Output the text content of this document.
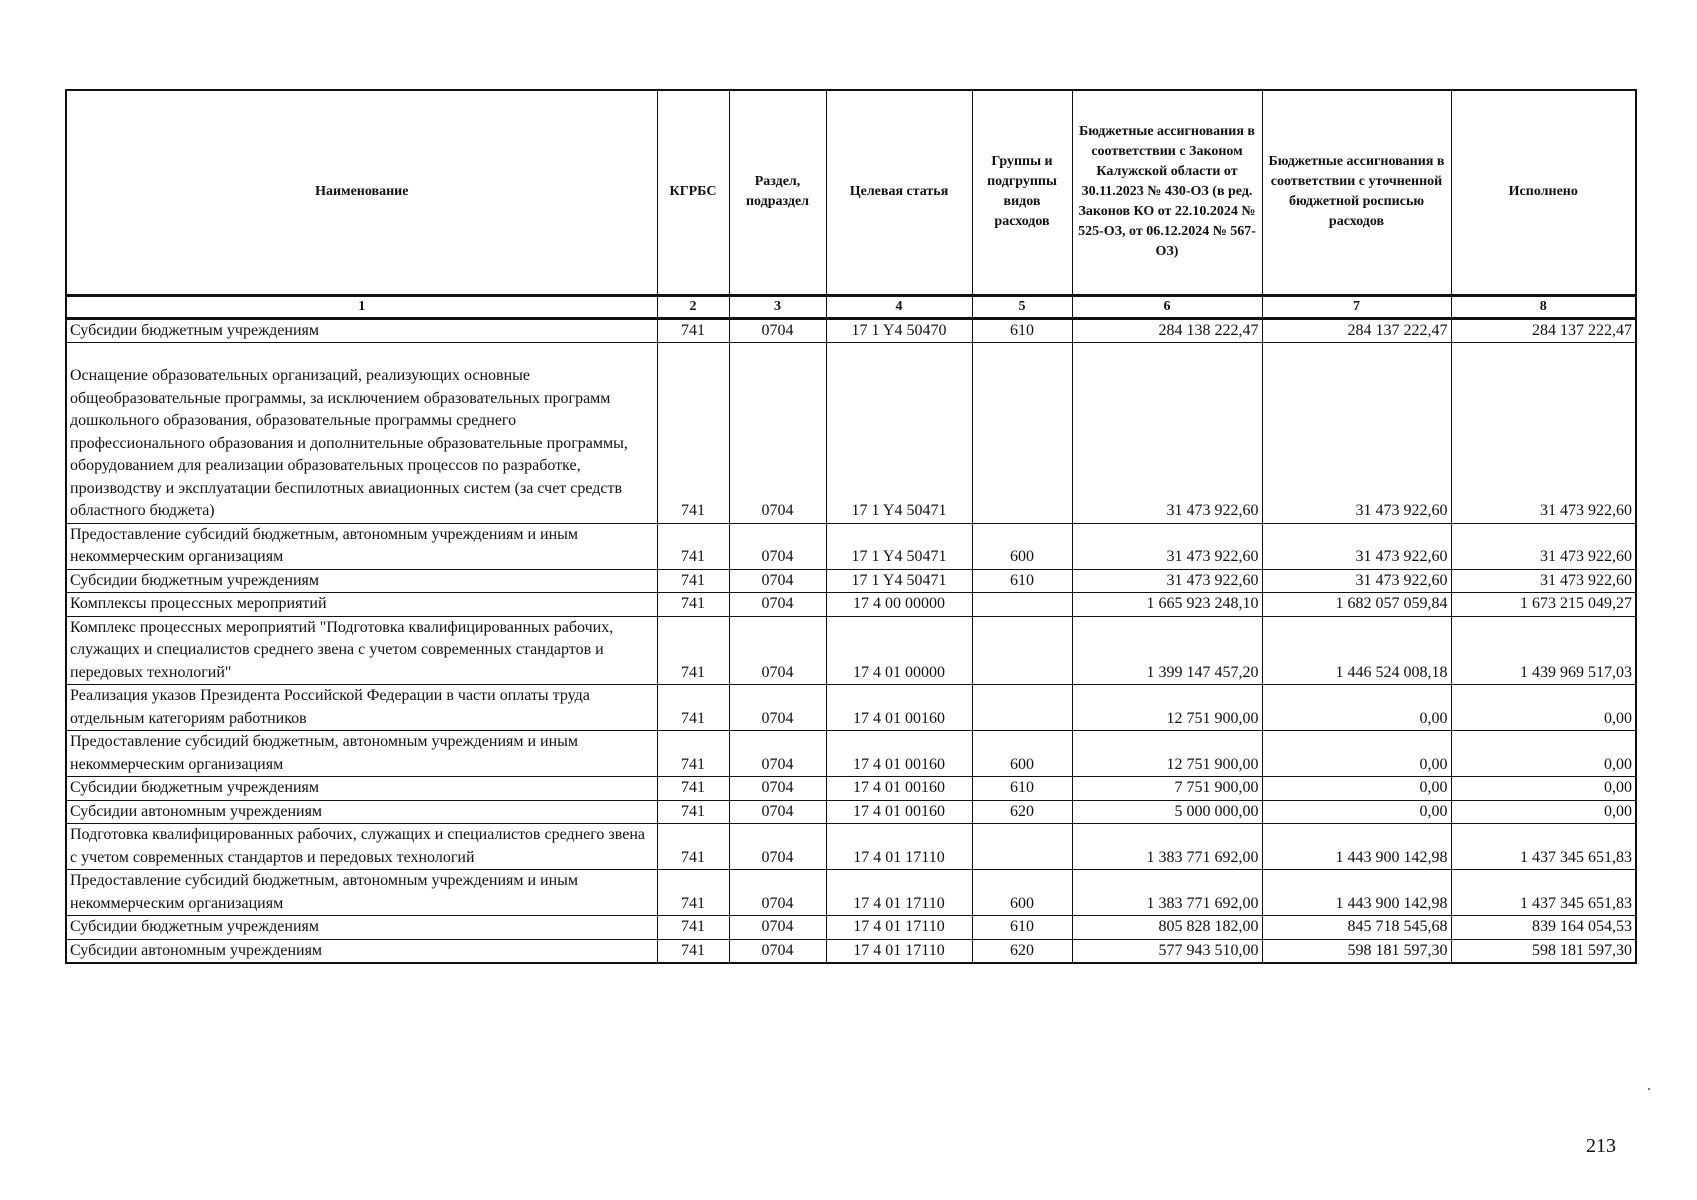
Наименование	КГРБС	Раздел, подраздел	Целевая статья	Группы и подгруппы видов расходов	Бюджетные ассигнования в соответствии с Законом Калужской области от 30.11.2023 № 430-ОЗ (в ред. Законов КО от 22.10.2024 № 525-ОЗ, от 06.12.2024 № 567-ОЗ)	Бюджетные ассигнования в соответствии с уточненной бюджетной росписью расходов	Исполнено
1	2	3	4	5	6	7	8
Субсидии бюджетным учреждениям	741	0704	17 1 Y4 50470	610	284 138 222,47	284 137 222,47	284 137 222,47
Оснащение образовательных организаций, реализующих основные общеобразовательные программы, за исключением образовательных программ дошкольного образования, образовательные программы среднего профессионального образования и дополнительные образовательные программы, оборудованием для реализации образовательных процессов по разработке, производству и эксплуатации беспилотных авиационных систем (за счет средств областного бюджета)	741	0704	17 1 Y4 50471		31 473 922,60	31 473 922,60	31 473 922,60
Предоставление субсидий бюджетным, автономным учреждениям и иным некоммерческим организациям	741	0704	17 1 Y4 50471	600	31 473 922,60	31 473 922,60	31 473 922,60
Субсидии бюджетным учреждениям	741	0704	17 1 Y4 50471	610	31 473 922,60	31 473 922,60	31 473 922,60
Комплексы процессных мероприятий	741	0704	17 4 00 00000		1 665 923 248,10	1 682 057 059,84	1 673 215 049,27
Комплекс процессных мероприятий "Подготовка квалифицированных рабочих, служащих и специалистов среднего звена с учетом современных стандартов и передовых технологий"	741	0704	17 4 01 00000		1 399 147 457,20	1 446 524 008,18	1 439 969 517,03
Реализация указов Президента Российской Федерации в части оплаты труда отдельным категориям работников	741	0704	17 4 01 00160		12 751 900,00	0,00	0,00
Предоставление субсидий бюджетным, автономным учреждениям и иным некоммерческим организациям	741	0704	17 4 01 00160	600	12 751 900,00	0,00	0,00
Субсидии бюджетным учреждениям	741	0704	17 4 01 00160	610	7 751 900,00	0,00	0,00
Субсидии автономным учреждениям	741	0704	17 4 01 00160	620	5 000 000,00	0,00	0,00
Подготовка квалифицированных рабочих, служащих и специалистов среднего звена с учетом современных стандартов и передовых технологий	741	0704	17 4 01 17110		1 383 771 692,00	1 443 900 142,98	1 437 345 651,83
Предоставление субсидий бюджетным, автономным учреждениям и иным некоммерческим организациям	741	0704	17 4 01 17110	600	1 383 771 692,00	1 443 900 142,98	1 437 345 651,83
Субсидии бюджетным учреждениям	741	0704	17 4 01 17110	610	805 828 182,00	845 718 545,68	839 164 054,53
Субсидии автономным учреждениям	741	0704	17 4 01 17110	620	577 943 510,00	598 181 597,30	598 181 597,30
213
